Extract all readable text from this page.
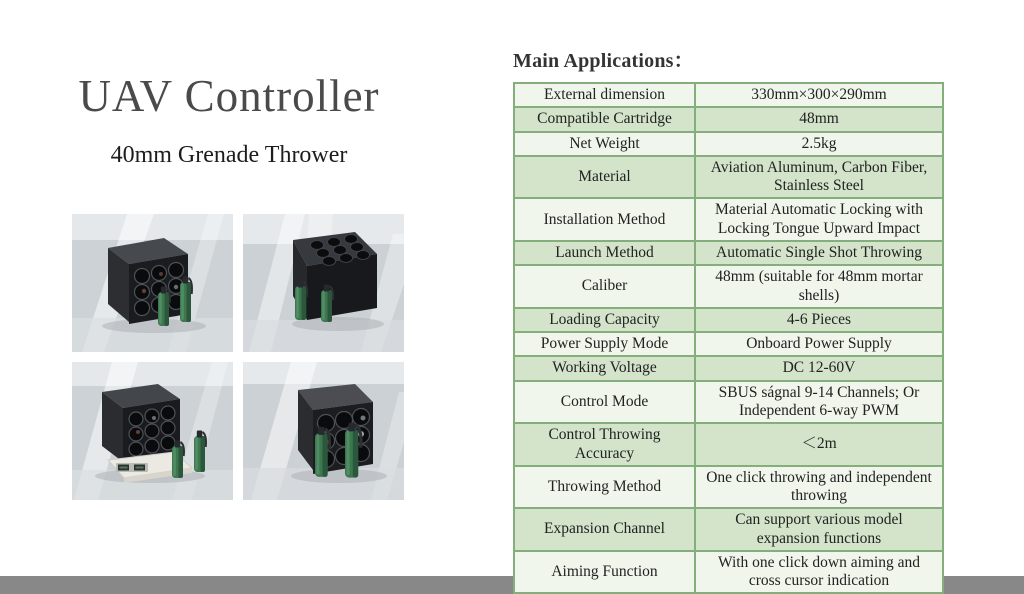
UAV Controller
40mm Grenade Thrower
Main Applications：
External dimension	330mm×300×290mm
Compatible Cartridge	48mm
Net Weight	2.5kg
Material	Aviation Aluminum, Carbon Fiber, Stainless Steel
Installation Method	Material Automatic Locking with Locking Tongue Upward Impact
Launch Method	Automatic Single Shot Throwing
Caliber	48mm (suitable for 48mm mortar shells)
Loading Capacity	4-6 Pieces
Power Supply Mode	Onboard Power Supply
Working Voltage	DC 12-60V
Control Mode	SBUS ságnal 9-14 Channels; Or Independent 6-way PWM
Control Throwing Accuracy	＜2m
Throwing Method	One click throwing and independent throwing
Expansion Channel	Can support various model expansion functions
Aiming Function	With one click down aiming and cross cursor indication
